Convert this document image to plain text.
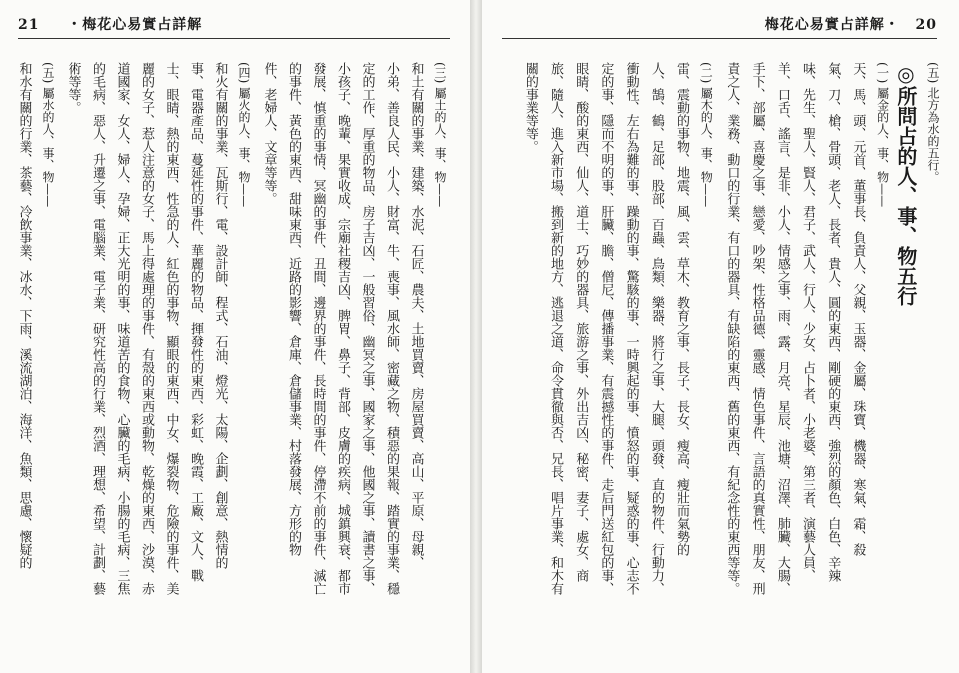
21 ・梅花心易實占詳解
(三) 屬土的人、事、物——
和土有關的事業、建築、水泥、石匠、農夫、土地買賣、房屋買賣、高山、平原、母親、
小弟、善良人民、小人、財富、牛、喪事、風水師、密藏之物、積惡的果報、踏實的事業、穩
定的工作、厚重的物品、房子吉凶、一般習俗、幽冥之事、國家之事、他國之事、讀書之事、
小孩子、晚輩、果實收成、宗廟社稷吉凶、脾胃、鼻子、背部、皮膚的疾病、城鎮興衰、都市
發展、慎重的事情、冥幽的事件、丑間、邊界的事件、長時間的事件、停滯不前的事件、滅亡
的事件、黃色的東西、甜味東西、近路的影響、倉庫、倉儲事業、村落發展、方形的物
件、老婦人、文章等等。
(四) 屬火的人、事、物——
和火有關的事業、瓦斯行、電、設計師、程式、石油、燈光、太陽、企劃、創意、熱情的
事、電器產品、蔓延性的事件、華麗的物品、揮發性的東西、彩虹、晚霞、工廠、文人、戰
士、眼睛、熱的東西、性急的人、紅色的事物、顯眼的東西、中女、爆裂物、危險的事件、美
麗的女子、惹人注意的女子、馬上得處理的事件、有殼的東西或動物、乾燥的東西、沙漠、赤
道國家、女人、婦人、孕婦、正大光明的事、味道苦的食物、心臟的毛病、小腸的毛病、三焦
的毛病、惡人、升遷之事、電腦業、電子業、研究性高的行業、烈酒、理想、希望、計劃、藝
術等等。
(五) 屬水的人、事、物——
和水有關的行業、茶藝、冷飲事業、冰水、下雨、溪流湖泊、海洋、魚類、思慮、懷疑的
梅花心易實占詳解・ 20
(五) 北方為水的五行。
◎所問占的人、事、物五行
(一) 屬金的人、事、物——
天、馬、頭、元首、董事長、負責人、父親、玉器、金屬、珠寶、機器、寒氣、霜、殺
氣、刀、槍、骨頭、老人、長者、貴人、圓的東西、剛硬的東西、強烈的顏色、白色、辛辣
味、先生、聖人、賢人、君子、武人、行人、少女、占卜者、小老婆、第三者、演藝人員、
羊、口舌、謠言、是非、小人、情感之事、雨、露、月亮、星辰、池塘、沼澤、肺臟、大腸、
手下、部屬、喜慶之事、戀愛、吵架、性格品德、靈感、情色事件、言語的真實性、朋友、刑
責之人、業務、動口的行業、有口的器具、有缺陷的東西、舊的東西、有紀念性的東西等等。
(二) 屬木的人、事、物——
雷、震動的事物、地震、風、雲、草木、教育之事、長子、長女、瘦高、瘦壯而氣勢的
人、鵠、鶴、足部、股部、百蟲、鳥類、樂器、將行之事、大腿、頭發、直的物件、行動力、
衝動性、左右為難的事、躁動的事、驚駭的事、一時興起的事、憤怒的事、疑惑的事、心志不
定的事、隱而不明的事、肝臟、膽、僧尼、傳播事業、有震撼性的事件、走后門送紅包的事、
眼睛、酸的東西、仙人、道士、巧妙的器具、旅游之事、外出吉凶、秘密、妻子、處女、商
旅、隨人、進入新市場、搬到新的地方、逃退之道、命令貫徹與否、兄長、唱片事業、和木有
關的事業等等。
